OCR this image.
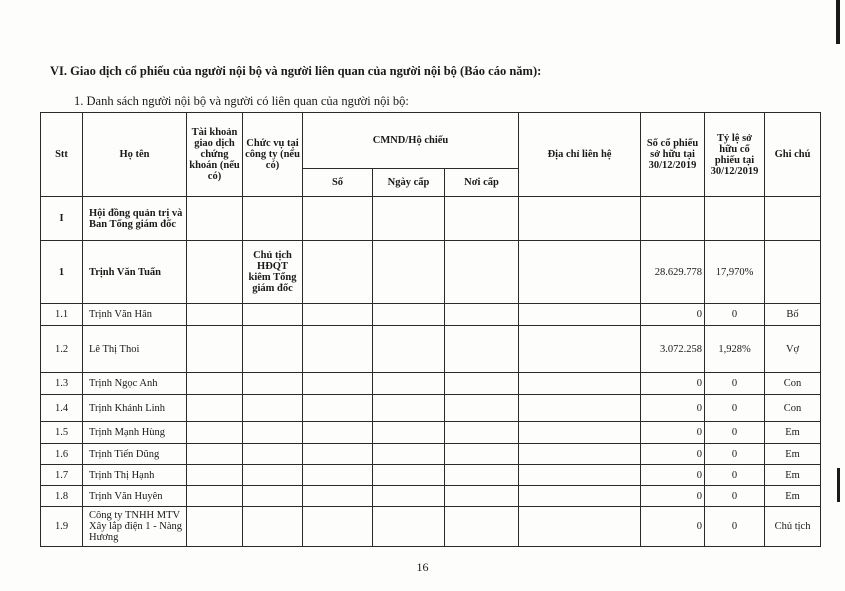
VI. Giao dịch cổ phiếu của người nội bộ và người liên quan của người nội bộ (Báo cáo năm):
1. Danh sách người nội bộ và người có liên quan của người nội bộ:
Stt	Họ tên	Tài khoản giao dịch chứng khoán (nếu có)	Chức vụ tại công ty (nếu có)	CMND/Hộ chiếu			Địa chỉ liên hệ	Số cổ phiếu sở hữu tại 30/12/2019	Tỷ lệ sở hữu cổ phiếu tại 30/12/2019	Ghi chú
				Số	Ngày cấp	Nơi cấp				
I	Hội đồng quản trị và Ban Tổng giám đốc									
1	Trịnh Văn Tuấn		Chủ tịch HĐQT kiêm Tổng giám đốc					28.629.778	17,970%	
1.1	Trịnh Văn Hân							0	0	Bố
1.2	Lê Thị Thoi							3.072.258	1,928%	Vợ
1.3	Trịnh Ngọc Anh							0	0	Con
1.4	Trịnh Khánh Linh							0	0	Con
1.5	Trịnh Mạnh Hùng							0	0	Em
1.6	Trịnh Tiến Dũng							0	0	Em
1.7	Trịnh Thị Hạnh							0	0	Em
1.8	Trịnh Văn Huyên							0	0	Em
1.9	Công ty TNHH MTV Xây lắp điện 1 - Nàng Hương							0	0	Chủ tịch
16
